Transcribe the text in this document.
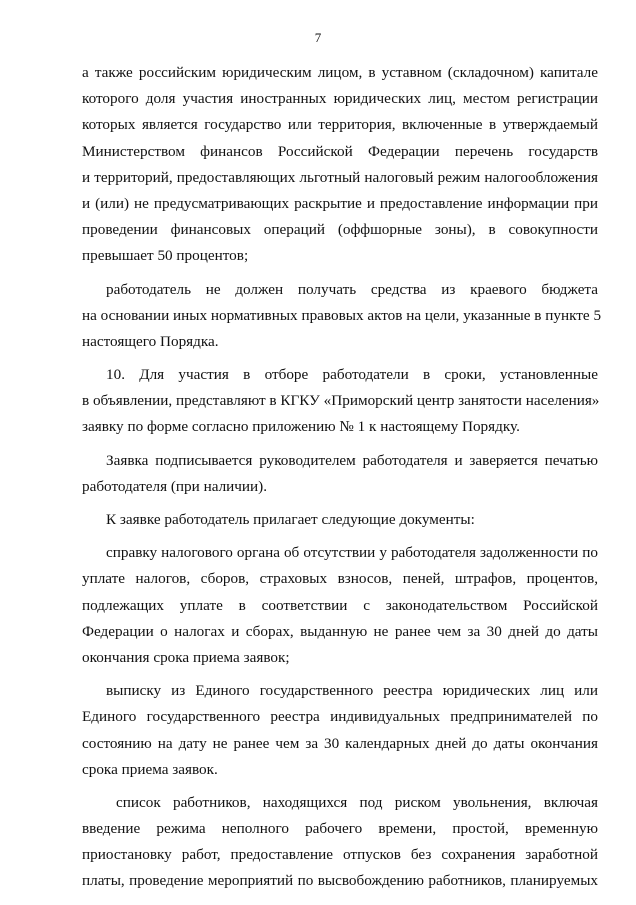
7
а также российским юридическим лицом, в уставном (складочном) капитале
которого доля участия иностранных юридических лиц, местом регистрации
которых является государство или территория, включенные в утверждаемый
Министерством финансов Российской Федерации перечень государств
и территорий, предоставляющих льготный налоговый режим налогообложения
и (или) не предусматривающих раскрытие и предоставление информации при
проведении финансовых операций (оффшорные зоны), в совокупности
превышает 50 процентов;
работодатель не должен получать средства из краевого бюджета
на основании иных нормативных правовых актов на цели, указанные в пункте 5
настоящего Порядка.
10. Для участия в отборе работодатели в сроки, установленные
в объявлении, представляют в КГКУ «Приморский центр занятости населения»
заявку по форме согласно приложению № 1 к настоящему Порядку.
Заявка подписывается руководителем работодателя и заверяется печатью
работодателя (при наличии).
К заявке работодатель прилагает следующие документы:
справку налогового органа об отсутствии у работодателя задолженности по
уплате налогов, сборов, страховых взносов, пеней, штрафов, процентов,
подлежащих уплате в соответствии с законодательством Российской
Федерации о налогах и сборах, выданную не ранее чем за 30 дней до даты
окончания срока приема заявок;
выписку из Единого государственного реестра юридических лиц или
Единого государственного реестра индивидуальных предпринимателей по
состоянию на дату не ранее чем за 30 календарных дней до даты окончания
срока приема заявок.
список работников, находящихся под риском увольнения, включая
введение режима неполного рабочего времени, простой, временную
приостановку работ, предоставление отпусков без сохранения заработной
платы, проведение мероприятий по высвобождению работников, планируемых
